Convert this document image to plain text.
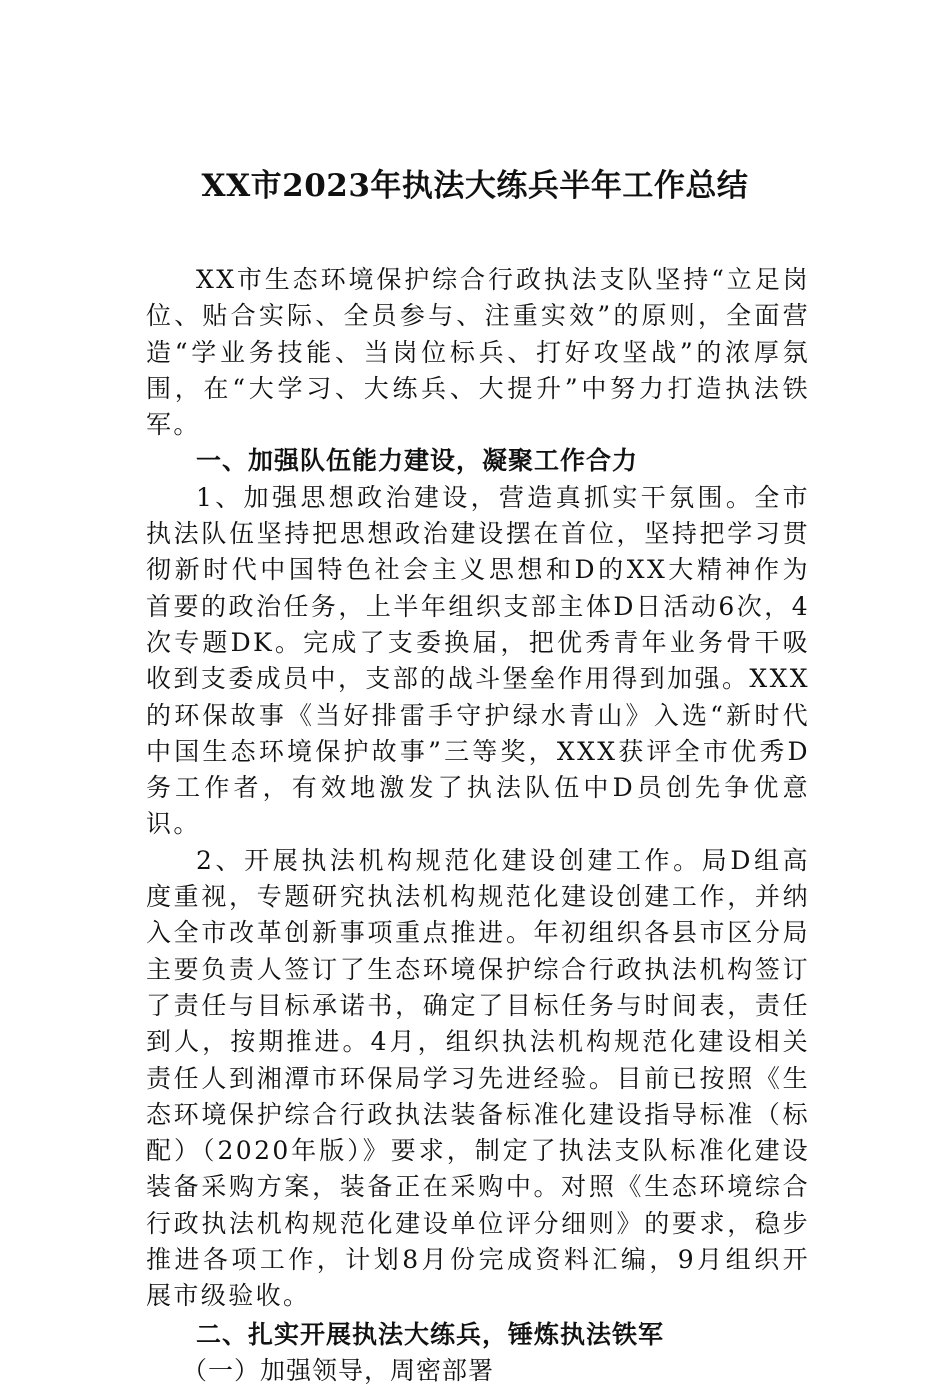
XX市2023年执法大练兵半年工作总结

XX市生态环境保护综合行政执法支队坚持“立足岗位、贴合实际、全员参与、注重实效”的原则，全面营造“学业务技能、当岗位标兵、打好攻坚战”的浓厚氛围，在“大学习、大练兵、大提升”中努力打造执法铁军。

一、加强队伍能力建设，凝聚工作合力

1、加强思想政治建设，营造真抓实干氛围。全市执法队伍坚持把思想政治建设摆在首位，坚持把学习贯彻新时代中国特色社会主义思想和D的XX大精神作为首要的政治任务，上半年组织支部主体D日活动6次，4次专题DK。完成了支委换届，把优秀青年业务骨干吸收到支委成员中，支部的战斗堡垒作用得到加强。XXX的环保故事《当好排雷手守护绿水青山》入选“新时代中国生态环境保护故事”三等奖，XXX获评全市优秀D务工作者，有效地激发了执法队伍中D员创先争优意识。

2、开展执法机构规范化建设创建工作。局D组高度重视，专题研究执法机构规范化建设创建工作，并纳入全市改革创新事项重点推进。年初组织各县市区分局主要负责人签订了生态环境保护综合行政执法机构签订了责任与目标承诺书，确定了目标任务与时间表，责任到人，按期推进。4月，组织执法机构规范化建设相关责任人到湘潭市环保局学习先进经验。目前已按照《生态环境保护综合行政执法装备标准化建设指导标准（标配）（2020年版）》要求，制定了执法支队标准化建设装备采购方案，装备正在采购中。对照《生态环境综合行政执法机构规范化建设单位评分细则》的要求，稳步推进各项工作，计划8月份完成资料汇编，9月组织开展市级验收。

二、扎实开展执法大练兵，锤炼执法铁军
（一）加强领导，周密部署
